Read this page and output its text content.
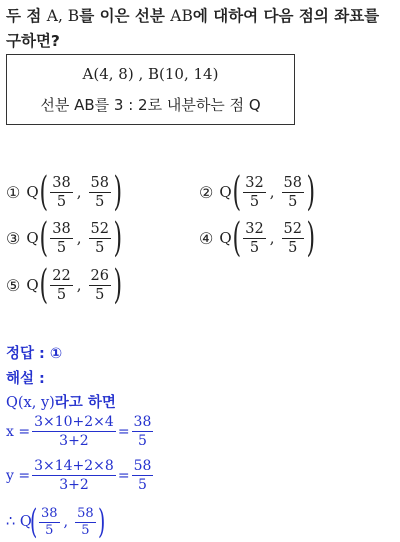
두 점 A, B를 이은 선분 AB에 대하여 다음 점의 좌표를 구하면?
A(4, 8) , B(10, 14)
선분 AB를 3 : 2로 내분하는 점 Q
① Q ( $\frac{38}{5}$ , $\frac{58}{5}$ )	② Q ( $\frac{32}{5}$ , $\frac{58}{5}$ )
③ Q ( $\frac{38}{5}$ , $\frac{52}{5}$ )	④ Q ( $\frac{32}{5}$ , $\frac{52}{5}$ )
⑤ Q ( $\frac{22}{5}$ , $\frac{26}{5}$ )
정답 : ①
해설 :
Q(x, y)라고 하면
$x = \frac{3\times 10+2\times 4}{3+2} = \frac{38}{5}$
$y = \frac{3\times 14+2\times 8}{3+2} = \frac{58}{5}$
∴ Q
( $\frac{38}{5}$ , $\frac{58}{5}$ )
